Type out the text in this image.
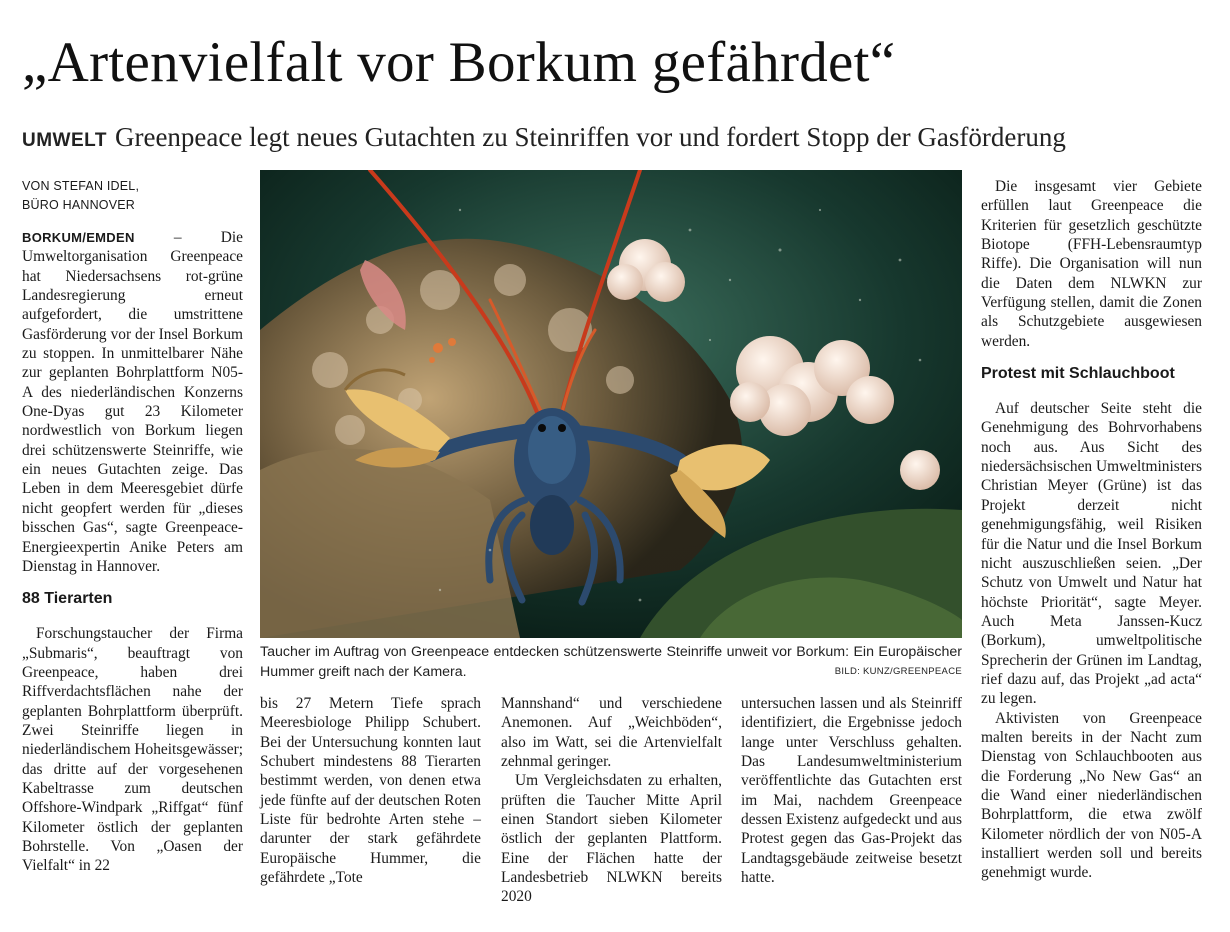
„Artenvielfalt vor Borkum gefährdet“
UMWELT Greenpeace legt neues Gutachten zu Steinriffen vor und fordert Stopp der Gasförderung
VON STEFAN IDEL,
BÜRO HANNOVER

BORKUM/EMDEN	– Die Umweltorganisation Greenpeace hat Niedersachsens rot-grüne Landesregierung erneut aufgefordert, die umstrittene Gasförderung vor der Insel Borkum zu stoppen. In unmittelbarer Nähe zur geplanten Bohrplattform N05-A des niederländischen Konzerns One-Dyas gut 23 Kilometer nordwestlich von Borkum liegen drei schützenswerte Steinriffe, wie ein neues Gutachten zeige. Das Leben in dem Meeresgebiet dürfe nicht geopfert werden für „dieses bisschen Gas“, sagte Greenpeace-Energieexpertin Anike Peters am Dienstag in Hannover.

88 Tierarten

Forschungstaucher der Firma „Submaris“, beauftragt von Greenpeace, haben drei Riffverdachtsflächen nahe der geplanten Bohrplattform überprüft. Zwei Steinriffe liegen in niederländischem Hoheitsgewässer; das dritte auf der vorgesehenen Kabeltrasse zum deutschen Offshore-Windpark „Riffgat“ fünf Kilometer östlich der geplanten Bohrstelle. Von „Oasen der Vielfalt“ in 22

Taucher im Auftrag von Greenpeace entdecken schützenswerte Steinriffe unweit vor Borkum: Ein Europäischer Hummer greift nach der Kamera.	BILD: KUNZ/GREENPEACE

bis 27 Metern Tiefe sprach Meeresbiologe Philipp Schubert. Bei der Untersuchung konnten laut Schubert mindestens 88 Tierarten bestimmt werden, von denen etwa jede fünfte auf der deutschen Roten Liste für bedrohte Arten stehe – darunter der stark gefährdete Europäische Hummer, die gefährdete „Tote

Mannshand“ und verschiedene Anemonen. Auf „Weichböden“, also im Watt, sei die Artenvielfalt zehnmal geringer.

Um Vergleichsdaten zu erhalten, prüften die Taucher Mitte April einen Standort sieben Kilometer östlich der geplanten Plattform. Eine der Flächen hatte der Landesbetrieb NLWKN bereits 2020

untersuchen lassen und als Steinriff identifiziert, die Ergebnisse jedoch lange unter Verschluss gehalten. Das Landesumweltministerium veröffentlichte das Gutachten erst im Mai, nachdem Greenpeace dessen Existenz aufgedeckt und aus Protest gegen das Gas-Projekt das Landtagsgebäude zeitweise besetzt hatte.

Die insgesamt vier Gebiete erfüllen laut Greenpeace die Kriterien für gesetzlich geschützte Biotope (FFH-Lebensraumtyp Riffe). Die Organisation will nun die Daten dem NLWKN zur Verfügung stellen, damit die Zonen als Schutzgebiete ausgewiesen werden.

Protest mit Schlauchboot

Auf deutscher Seite steht die Genehmigung des Bohrvorhabens noch aus. Aus Sicht des niedersächsischen Umweltministers Christian Meyer (Grüne) ist das Projekt derzeit nicht genehmigungsfähig, weil Risiken für die Natur und die Insel Borkum nicht auszuschließen seien. „Der Schutz von Umwelt und Natur hat höchste Priorität“, sagte Meyer. Auch Meta Janssen-Kucz (Borkum), umweltpolitische Sprecherin der Grünen im Landtag, rief dazu auf, das Projekt „ad acta“ zu legen.

Aktivisten von Greenpeace malten bereits in der Nacht zum Dienstag von Schlauchbooten aus die Forderung „No New Gas“ an die Wand einer niederländischen Bohrplattform, die etwa zwölf Kilometer nördlich der von N05-A installiert werden soll und bereits genehmigt wurde.
